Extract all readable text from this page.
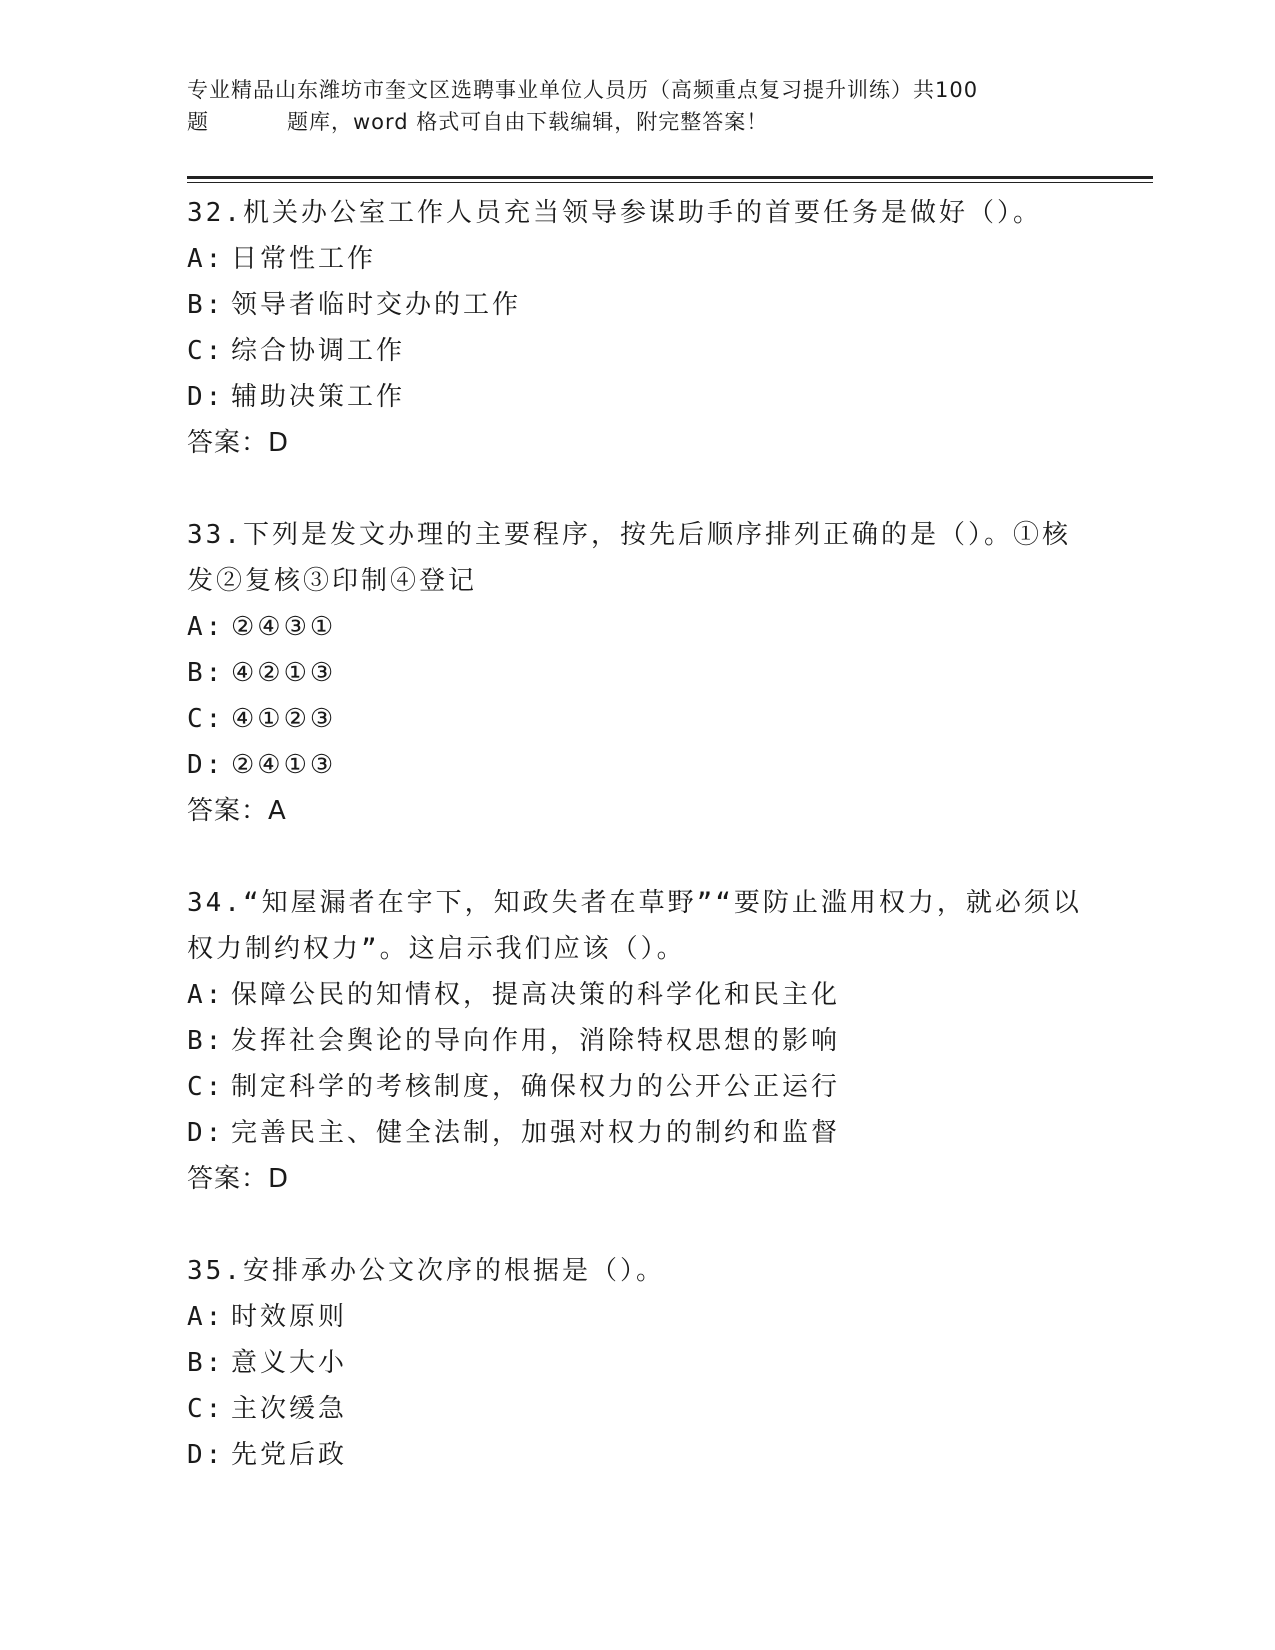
专业精品山东潍坊市奎文区选聘事业单位人员历（高频重点复习提升训练）共100
题	题库，word 格式可自由下载编辑，附完整答案！

32.机关办公室工作人员充当领导参谋助手的首要任务是做好（）。

A: 日常性工作

B: 领导者临时交办的工作

C: 综合协调工作

D: 辅助决策工作

答案：D

33.下列是发文办理的主要程序，按先后顺序排列正确的是（）。①核发②复核③印制④登记

A: ②④③①

B: ④②①③

C: ④①②③

D: ②④①③

答案：A

34.“知屋漏者在宇下，知政失者在草野”“要防止滥用权力，就必须以权力制约权力”。这启示我们应该（）。

A: 保障公民的知情权，提高决策的科学化和民主化

B: 发挥社会舆论的导向作用，消除特权思想的影响

C: 制定科学的考核制度，确保权力的公开公正运行

D: 完善民主、健全法制，加强对权力的制约和监督

答案：D

35.安排承办公文次序的根据是（）。

A: 时效原则

B: 意义大小

C: 主次缓急

D: 先党后政
